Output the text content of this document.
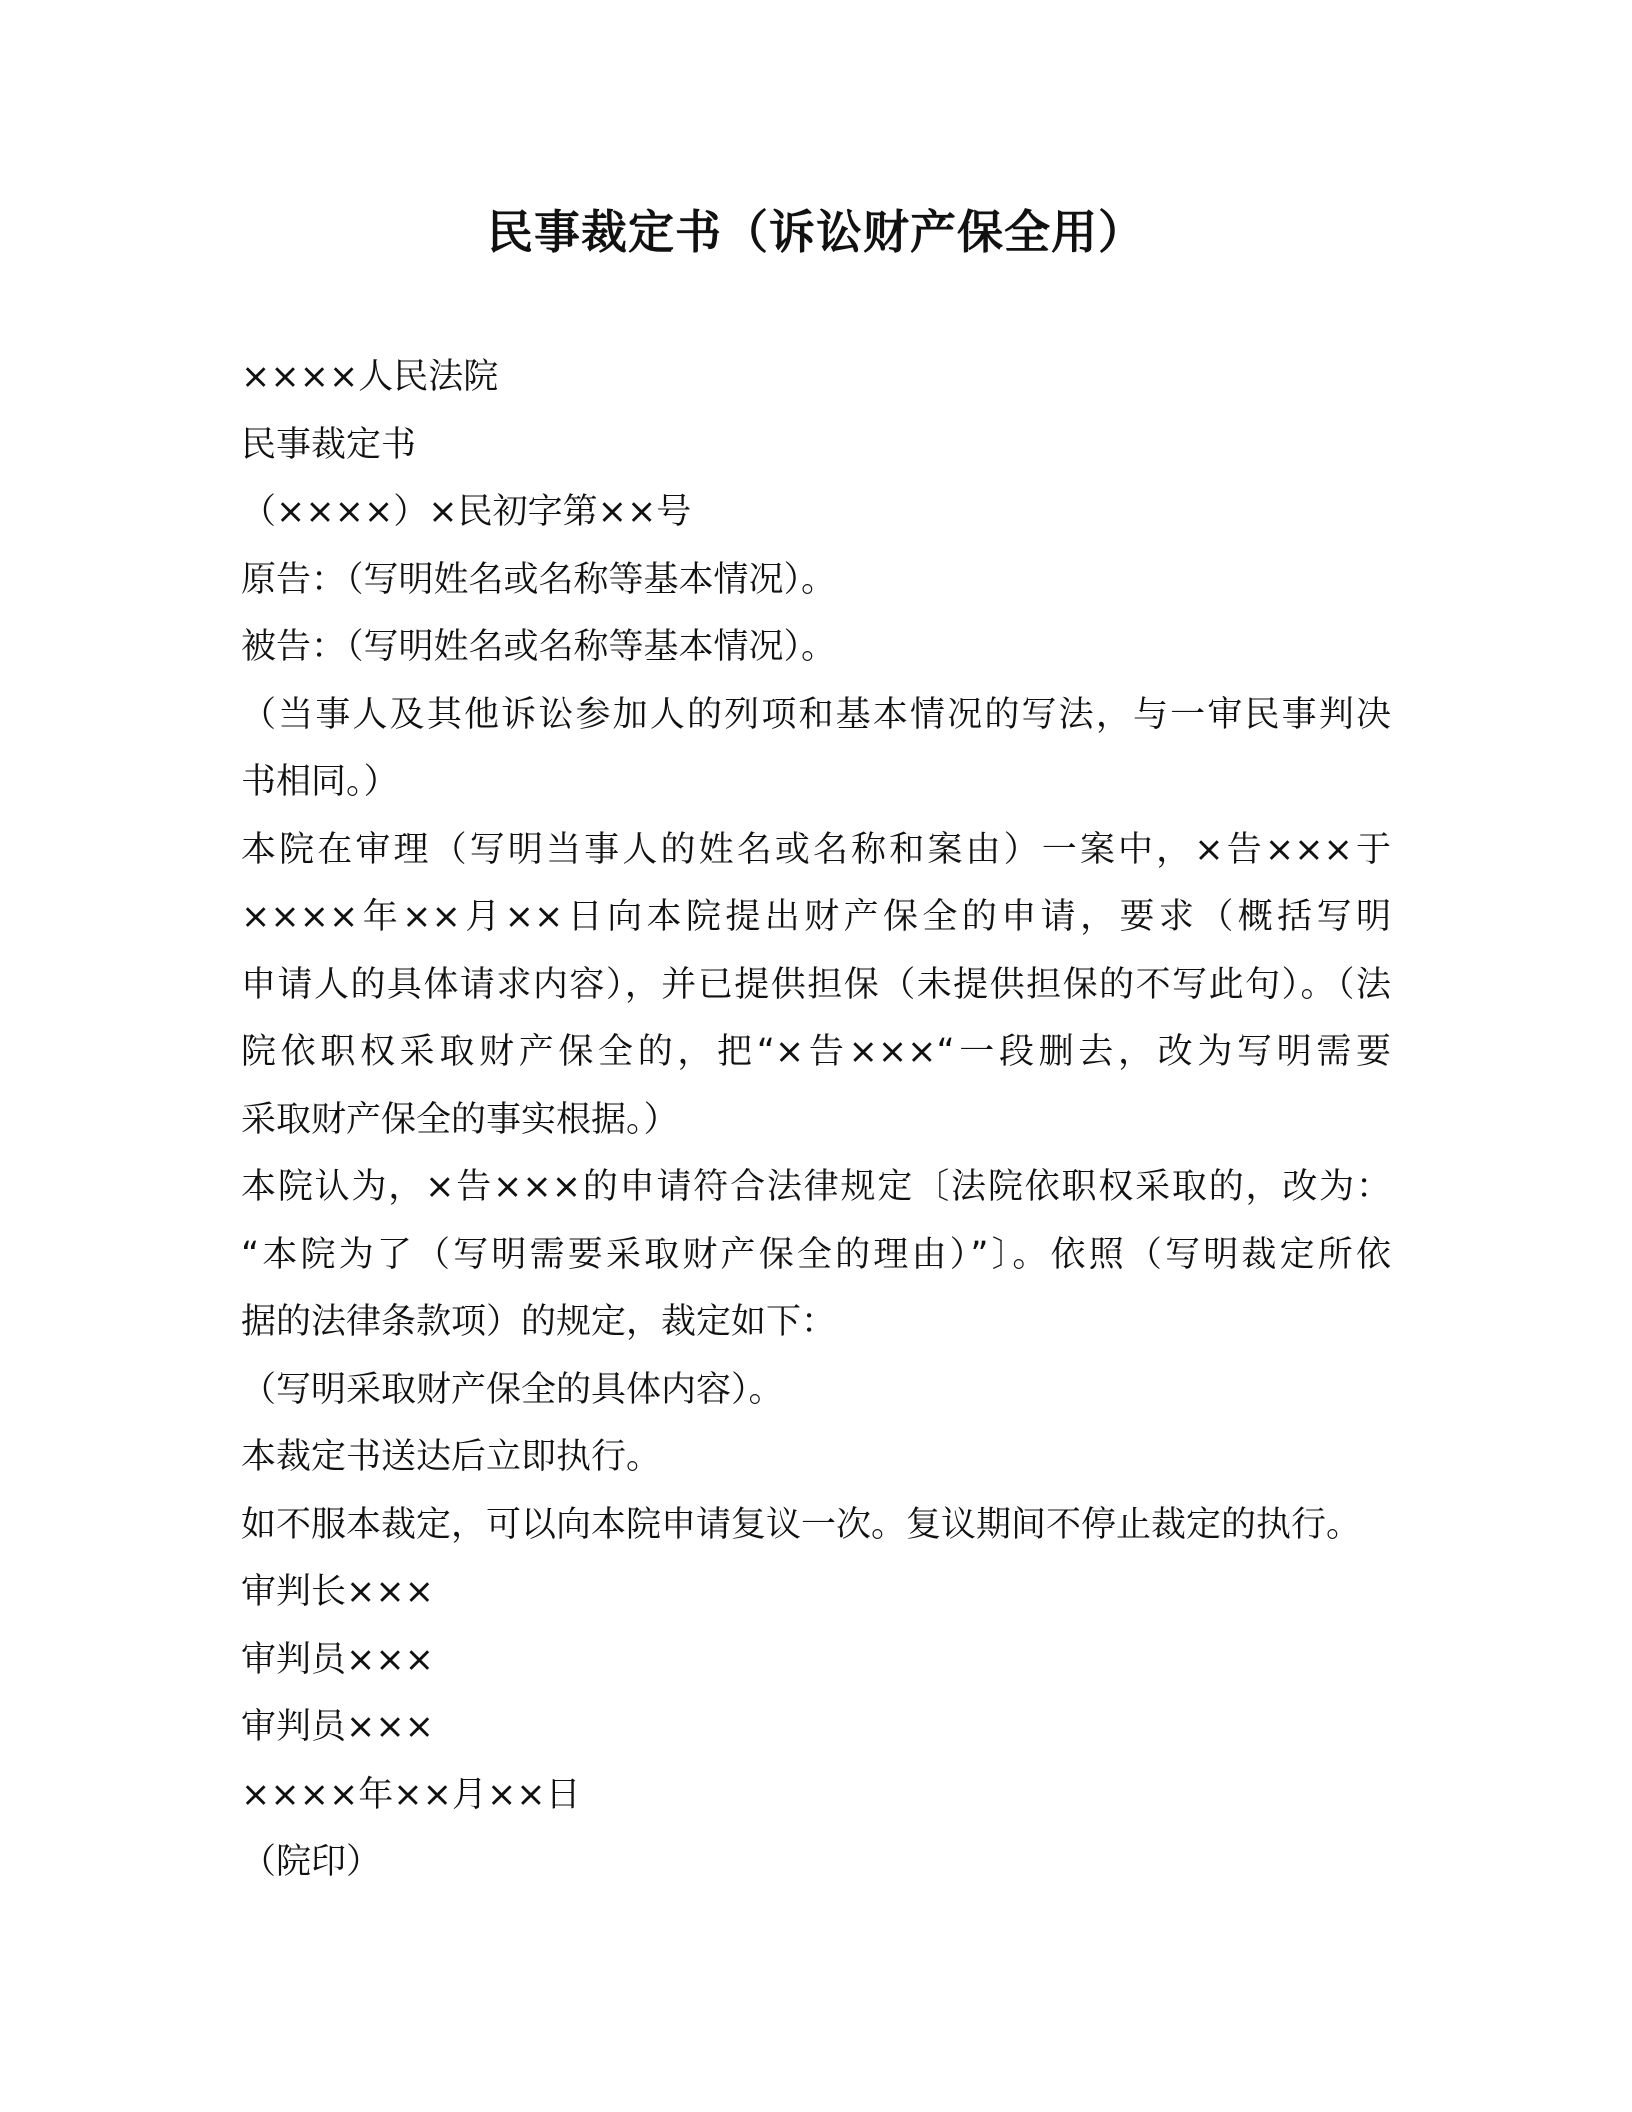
民事裁定书（诉讼财产保全用）
××××人民法院
民事裁定书
（××××）×民初字第××号
原告：（写明姓名或名称等基本情况）。
被告：（写明姓名或名称等基本情况）。
（当事人及其他诉讼参加人的列项和基本情况的写法，与一审民事判决
书相同。）
本院在审理（写明当事人的姓名或名称和案由）一案中，×告×××于
××××年××月××日向本院提出财产保全的申请，要求（概括写明
申请人的具体请求内容），并已提供担保（未提供担保的不写此句）。（法
院依职权采取财产保全的，把“×告×××“一段删去，改为写明需要
采取财产保全的事实根据。）
本院认为，×告×××的申请符合法律规定〔法院依职权采取的，改为：
“本院为了（写明需要采取财产保全的理由）”〕。依照（写明裁定所依
据的法律条款项）的规定，裁定如下：
（写明采取财产保全的具体内容）。
本裁定书送达后立即执行。
如不服本裁定，可以向本院申请复议一次。复议期间不停止裁定的执行。
审判长×××
审判员×××
审判员×××
××××年××月××日
（院印）
